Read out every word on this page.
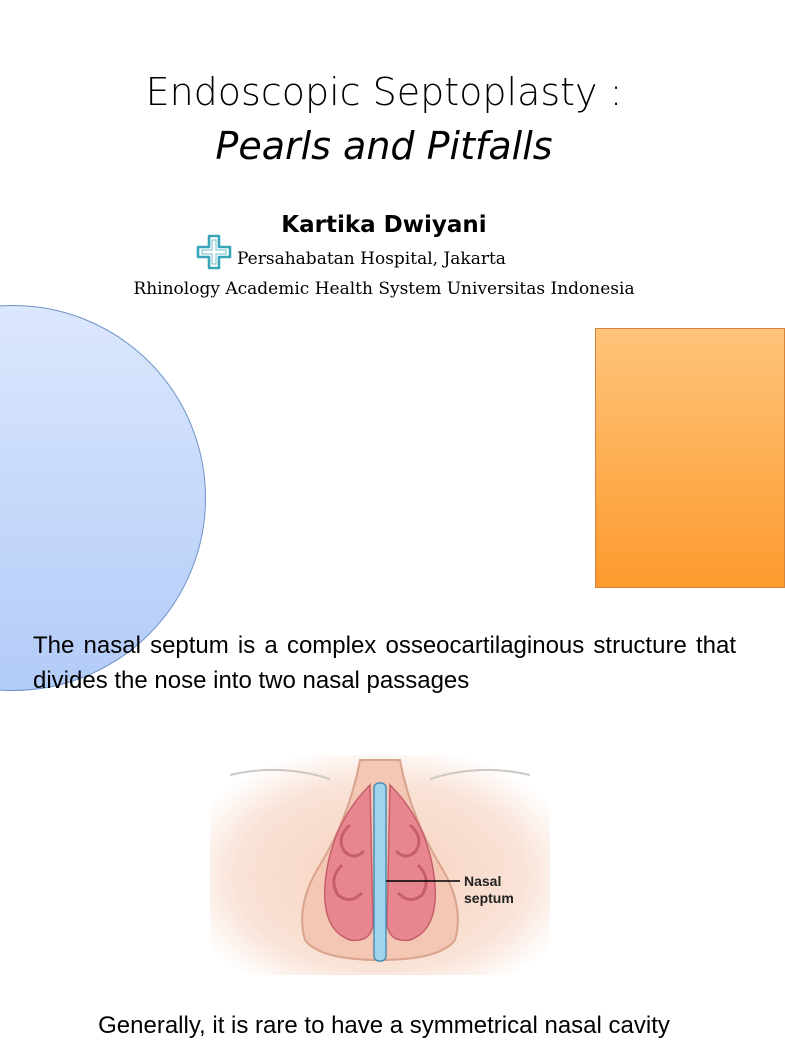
Endoscopic Septoplasty :
Pearls and Pitfalls
Kartika Dwiyani
Persahabatan Hospital, Jakarta
Rhinology Academic Health System Universitas Indonesia
The nasal septum is a complex osseocartilaginous structure that divides the nose into two nasal passages
Nasal
septum
Generally, it is rare to have a symmetrical nasal cavity
